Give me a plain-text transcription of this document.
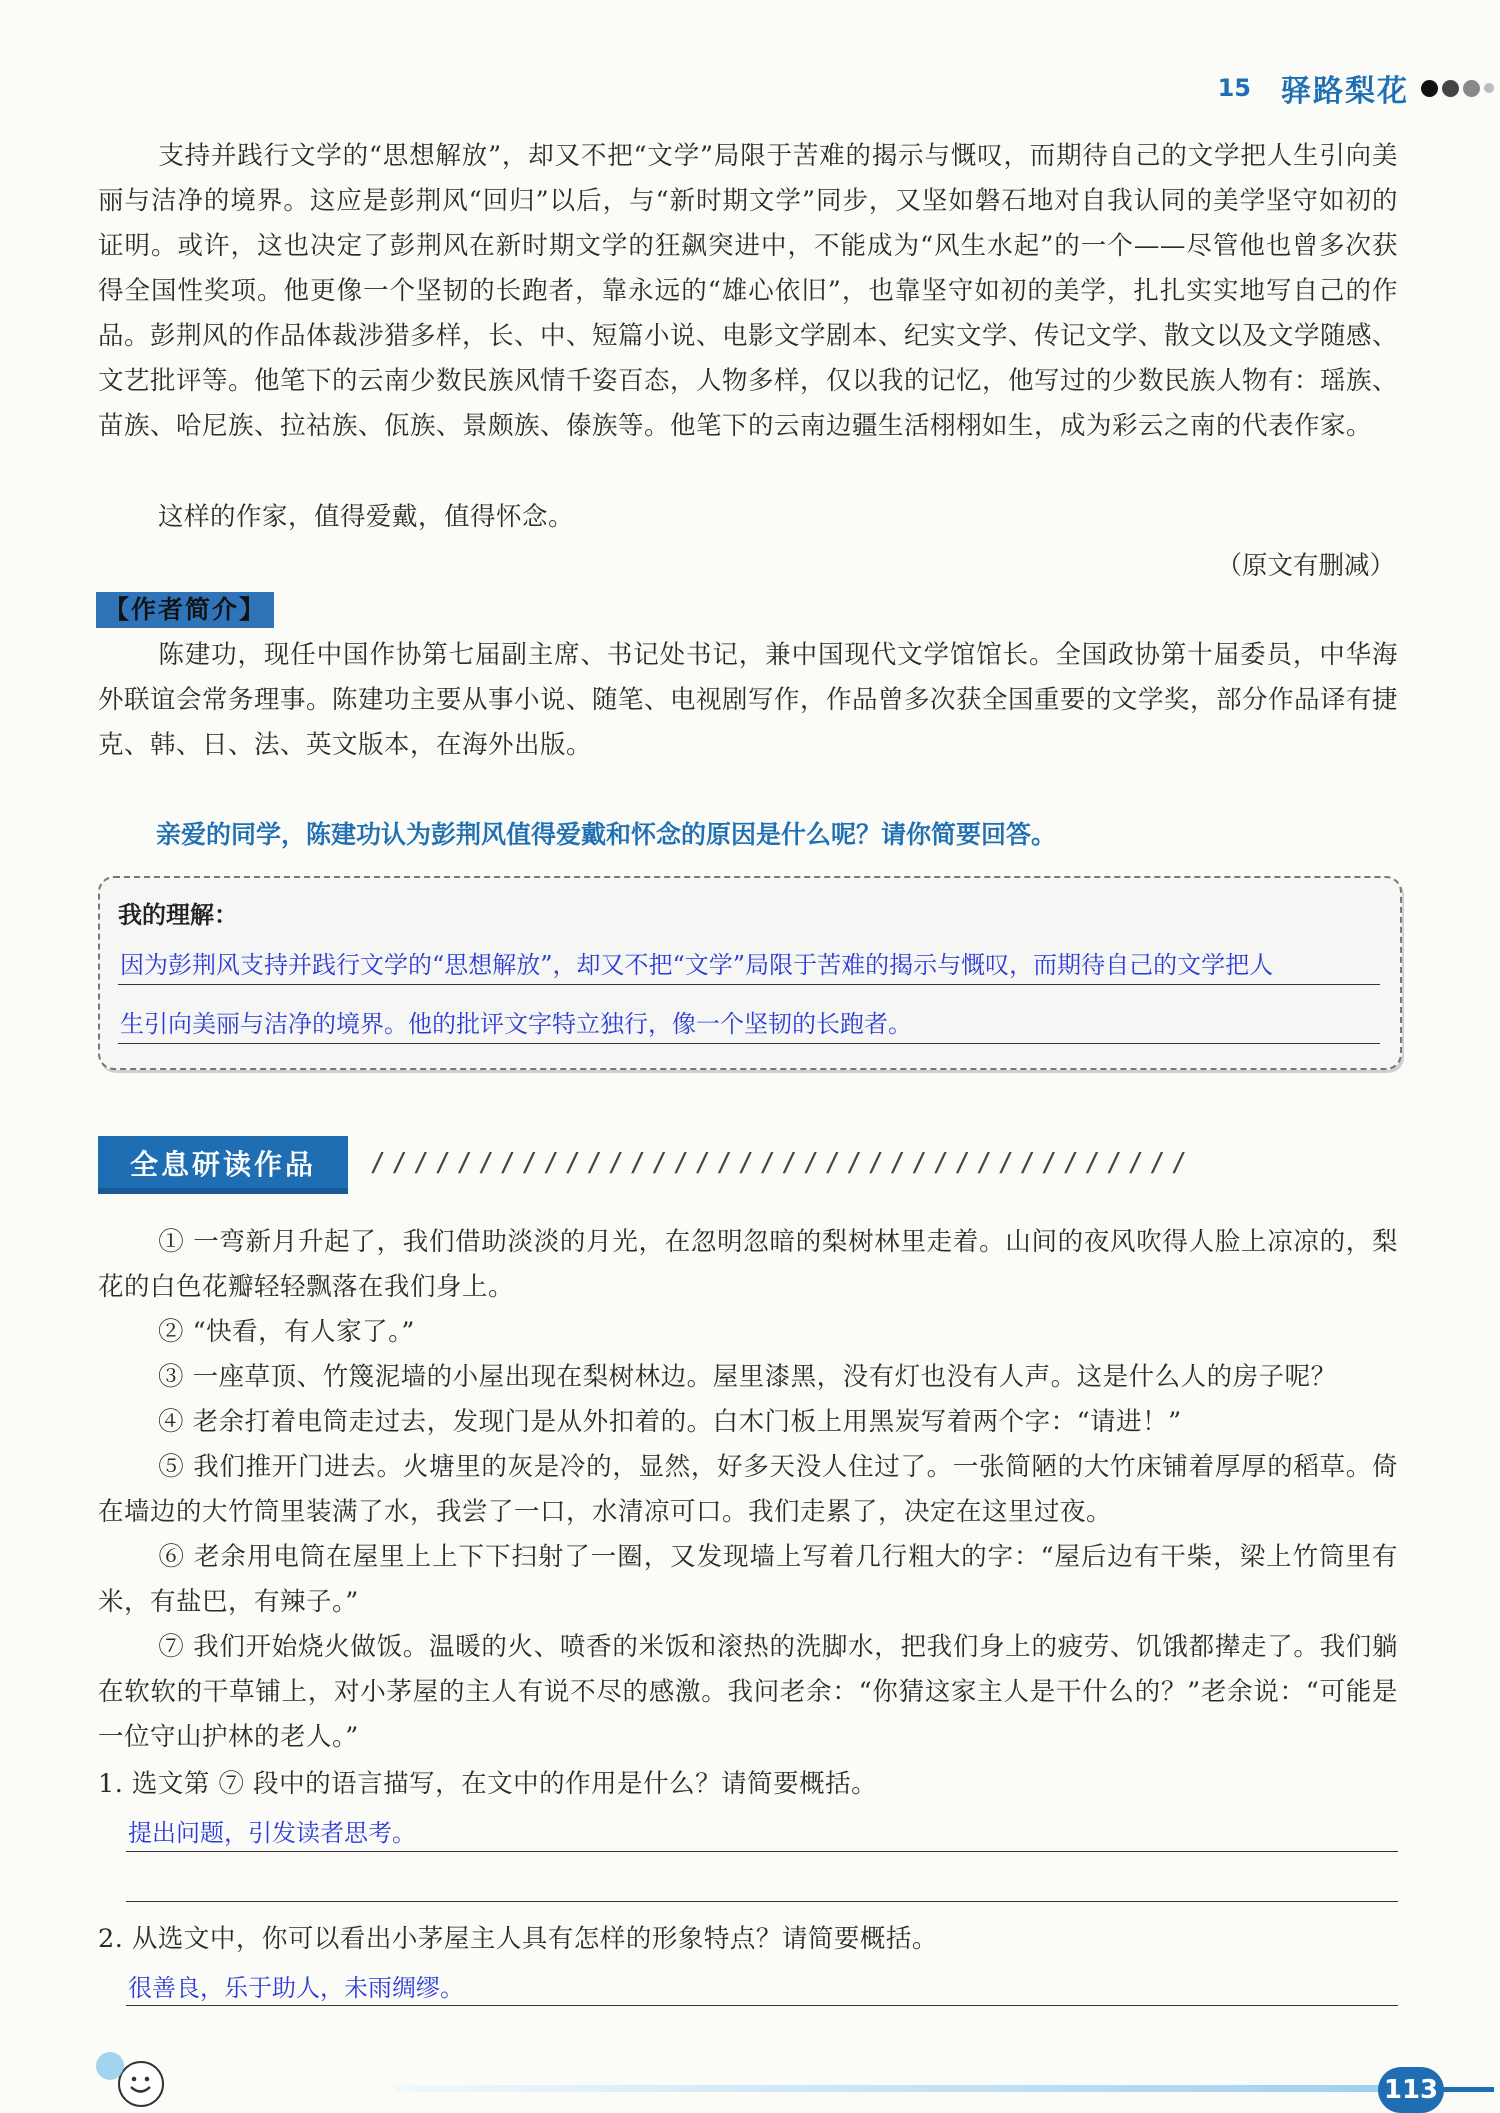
15 驿路梨花

支持并践行文学的“思想解放”，却又不把“文学”局限于苦难的揭示与慨叹，而期待自己的文学把人生引向美丽与洁净的境界。这应是彭荆风“回归”以后，与“新时期文学”同步，又坚如磐石地对自我认同的美学坚守如初的证明。或许，这也决定了彭荆风在新时期文学的狂飙突进中，不能成为“风生水起”的一个——尽管他也曾多次获得全国性奖项。他更像一个坚韧的长跑者，靠永远的“雄心依旧”，也靠坚守如初的美学，扎扎实实地写自己的作品。彭荆风的作品体裁涉猎多样，长、中、短篇小说、电影文学剧本、纪实文学、传记文学、散文以及文学随感、文艺批评等。他笔下的云南少数民族风情千姿百态，人物多样，仅以我的记忆，他写过的少数民族人物有：瑶族、苗族、哈尼族、拉祜族、佤族、景颇族、傣族等。他笔下的云南边疆生活栩栩如生，成为彩云之南的代表作家。

这样的作家，值得爱戴，值得怀念。

（原文有删减）
【作者简介】

陈建功，现任中国作协第七届副主席、书记处书记，兼中国现代文学馆馆长。全国政协第十届委员，中华海外联谊会常务理事。陈建功主要从事小说、随笔、电视剧写作，作品曾多次获全国重要的文学奖，部分作品译有捷克、韩、日、法、英文版本，在海外出版。

亲爱的同学，陈建功认为彭荆风值得爱戴和怀念的原因是什么呢？请你简要回答。
我的理解：
因为彭荆风支持并践行文学的“思想解放”，却又不把“文学”局限于苦难的揭示与慨叹，而期待自己的文学把人
生引向美丽与洁净的境界。他的批评文字特立独行，像一个坚韧的长跑者。
全息研读作品	//////////////////////////////////////

① 一弯新月升起了，我们借助淡淡的月光，在忽明忽暗的梨树林里走着。山间的夜风吹得人脸上凉凉的，梨花的白色花瓣轻轻飘落在我们身上。

② “快看，有人家了。”

③ 一座草顶、竹篾泥墙的小屋出现在梨树林边。屋里漆黑，没有灯也没有人声。这是什么人的房子呢？

④ 老余打着电筒走过去，发现门是从外扣着的。白木门板上用黑炭写着两个字：“请进！”

⑤ 我们推开门进去。火塘里的灰是冷的，显然，好多天没人住过了。一张简陋的大竹床铺着厚厚的稻草。倚在墙边的大竹筒里装满了水，我尝了一口，水清凉可口。我们走累了，决定在这里过夜。

⑥ 老余用电筒在屋里上上下下扫射了一圈，又发现墙上写着几行粗大的字：“屋后边有干柴，梁上竹筒里有米，有盐巴，有辣子。”

⑦ 我们开始烧火做饭。温暖的火、喷香的米饭和滚热的洗脚水，把我们身上的疲劳、饥饿都撵走了。我们躺在软软的干草铺上，对小茅屋的主人有说不尽的感激。我问老余：“你猜这家主人是干什么的？”老余说：“可能是一位守山护林的老人。”

1. 选文第 ⑦ 段中的语言描写，在文中的作用是什么？请简要概括。
提出问题，引发读者思考。
2. 从选文中，你可以看出小茅屋主人具有怎样的形象特点？请简要概括。
很善良，乐于助人，未雨绸缪。
113
